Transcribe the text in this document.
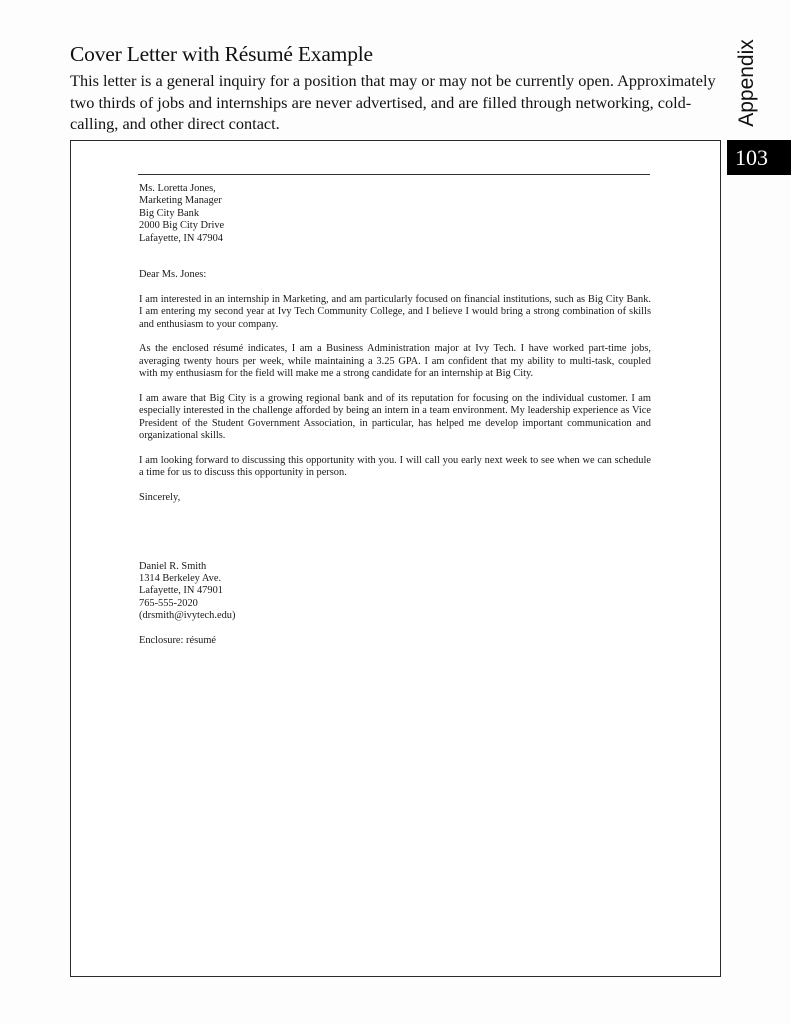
Cover Letter with Résumé Example
This letter is a general inquiry for a position that may or may not be currently open. Approximately two thirds of jobs and internships are never advertised, and are filled through networking, cold-calling, and other direct contact.	Appendix
103
Ms. Loretta Jones,
Marketing Manager
Big City Bank
2000 Big City Drive
Lafayette, IN 47904
Dear Ms. Jones:

I am interested in an internship in Marketing, and am particularly focused on financial institutions, such as Big City Bank. I am entering my second year at Ivy Tech Community College, and I believe I would bring a strong combination of skills and enthusiasm to your company.

As the enclosed résumé indicates, I am a Business Administration major at Ivy Tech. I have worked part-time jobs, averaging twenty hours per week, while maintaining a 3.25 GPA. I am confident that my ability to multi-task, coupled with my enthusiasm for the field will make me a strong candidate for an internship at Big City.

I am aware that Big City is a growing regional bank and of its reputation for focusing on the individual customer. I am especially interested in the challenge afforded by being an intern in a team environment. My leadership experience as Vice President of the Student Government Association, in particular, has helped me develop important communication and organizational skills.

I am looking forward to discussing this opportunity with you. I will call you early next week to see when we can schedule a time for us to discuss this opportunity in person.

Sincerely,
Daniel R. Smith
1314 Berkeley Ave.
Lafayette, IN 47901
765-555-2020
(drsmith@ivytech.edu)
Enclosure: résumé
